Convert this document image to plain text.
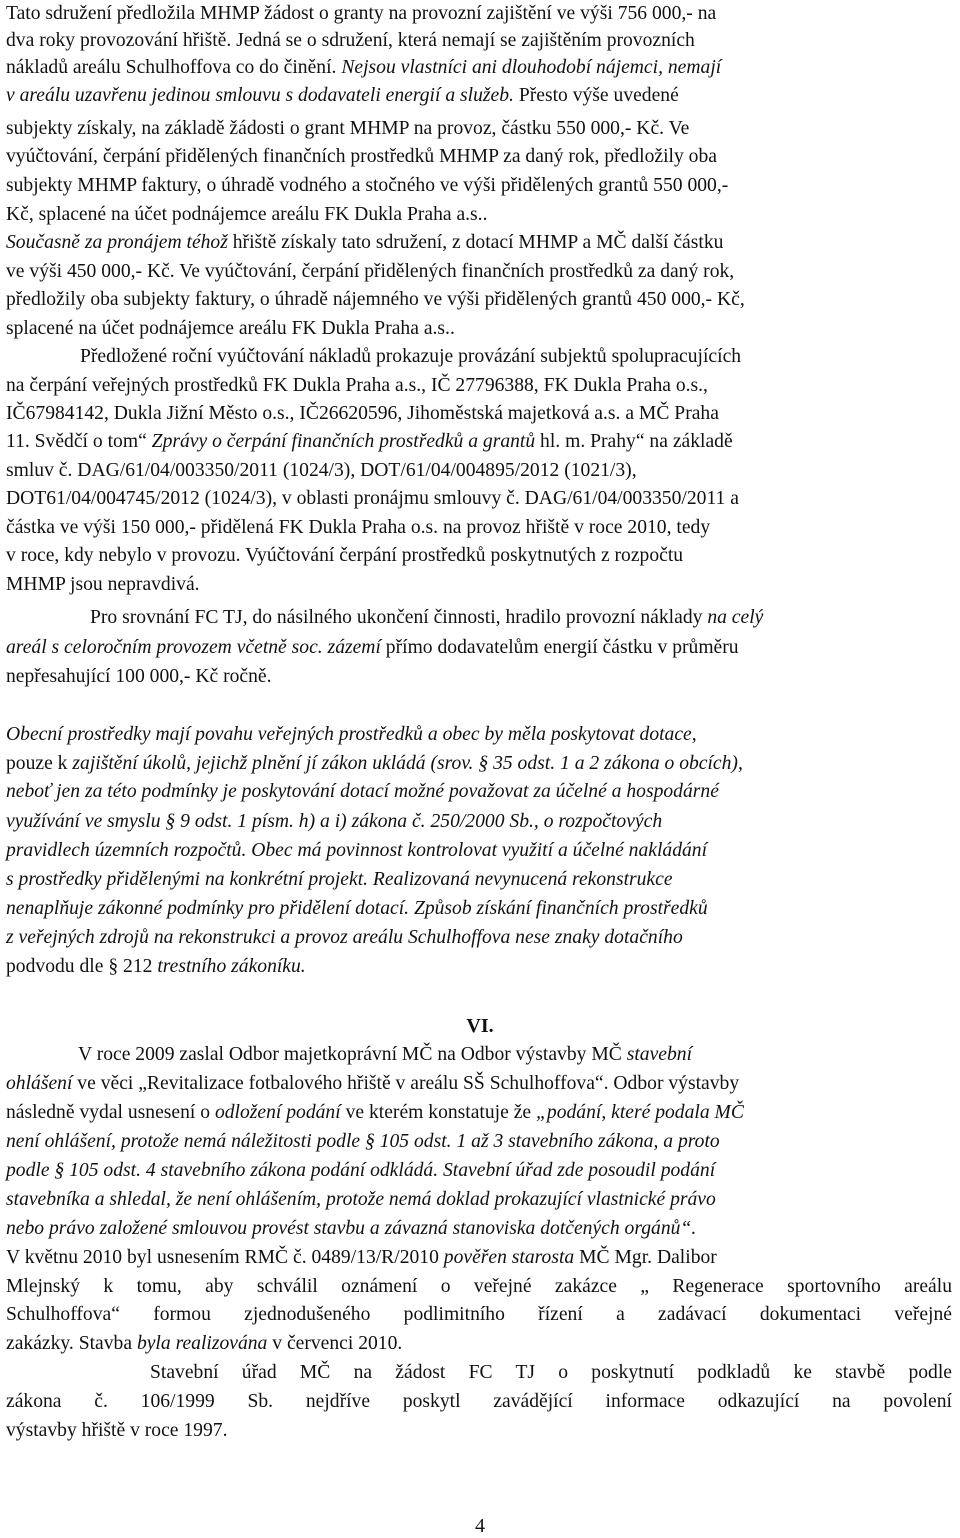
Tato sdružení předložila MHMP žádost o granty na provozní zajištění ve výši 756 000,- na
dva roky provozování hřiště. Jedná se o sdružení, která nemají se zajištěním provozních
nákladů areálu Schulhoffova co do činění. Nejsou vlastníci ani dlouhodobí nájemci, nemají
v areálu uzavřenu jedinou smlouvu s dodavateli energií a služeb. Přesto výše uvedené
subjekty získaly, na základě žádosti o grant MHMP na provoz, částku 550 000,- Kč. Ve
vyúčtování, čerpání přidělených finančních prostředků MHMP za daný rok, předložily oba
subjekty MHMP faktury, o úhradě vodného a stočného ve výši přidělených grantů 550 000,-
Kč, splacené na účet podnájemce areálu FK Dukla Praha a.s..
Současně za pronájem téhož hřiště získaly tato sdružení, z dotací MHMP a MČ další částku
ve výši 450 000,- Kč. Ve vyúčtování, čerpání přidělených finančních prostředků za daný rok,
předložily oba subjekty faktury, o úhradě nájemného ve výši přidělených grantů 450 000,- Kč,
splacené na účet podnájemce areálu FK Dukla Praha a.s..
Předložené roční vyúčtování nákladů prokazuje provázání subjektů spolupracujících
na čerpání veřejných prostředků FK Dukla Praha a.s., IČ 27796388, FK Dukla Praha o.s.,
IČ67984142, Dukla Jižní Město o.s., IČ26620596, Jihoměstská majetková a.s. a MČ Praha
11. Svědčí o tom“ Zprávy o čerpání finančních prostředků a grantů hl. m. Prahy“ na základě
smluv č. DAG/61/04/003350/2011 (1024/3), DOT/61/04/004895/2012 (1021/3),
DOT61/04/004745/2012 (1024/3), v oblasti pronájmu smlouvy č. DAG/61/04/003350/2011 a
částka ve výši 150 000,- přidělená FK Dukla Praha o.s. na provoz hřiště v roce 2010, tedy
v roce, kdy nebylo v provozu. Vyúčtování čerpání prostředků poskytnutých z rozpočtu
MHMP jsou nepravdivá.
Pro srovnání FC TJ, do násilného ukončení činnosti, hradilo provozní náklady na celý
areál s celoročním provozem včetně soc. zázemí přímo dodavatelům energií částku v průměru
nepřesahující 100 000,- Kč ročně.
Obecní prostředky mají povahu veřejných prostředků a obec by měla poskytovat dotace,
pouze k zajištění úkolů, jejichž plnění jí zákon ukládá (srov. § 35 odst. 1 a 2 zákona o obcích),
neboť jen za této podmínky je poskytování dotací možné považovat za účelné a hospodárné
využívání ve smyslu § 9 odst. 1 písm. h) a i) zákona č. 250/2000 Sb., o rozpočtových
pravidlech územních rozpočtů. Obec má povinnost kontrolovat využití a účelné nakládání
s prostředky přidělenými na konkrétní projekt. Realizovaná nevynucená rekonstrukce
nenaplňuje zákonné podmínky pro přidělení dotací. Způsob získání finančních prostředků
z veřejných zdrojů na rekonstrukci a provoz areálu Schulhoffova nese znaky dotačního
podvodu dle § 212 trestního zákoníku.
VI.
V roce 2009 zaslal Odbor majetkoprávní MČ na Odbor výstavby MČ stavební
ohlášení ve věci „Revitalizace fotbalového hřiště v areálu SŠ Schulhoffova“. Odbor výstavby
následně vydal usnesení o odložení podání ve kterém konstatuje že „podání, které podala MČ
není ohlášení, protože nemá náležitosti podle § 105 odst. 1 až 3 stavebního zákona, a proto
podle § 105 odst. 4 stavebního zákona podání odkládá. Stavební úřad zde posoudil podání
stavebníka a shledal, že není ohlášením, protože nemá doklad prokazující vlastnické právo
nebo právo založené smlouvou provést stavbu a závazná stanoviska dotčených orgánů“.
V květnu 2010 byl usnesením RMČ č. 0489/13/R/2010 pověřen starosta MČ Mgr. Dalibor
Mlejnský k tomu, aby schválil oznámení o veřejné zakázce „ Regenerace sportovního areálu
Schulhoffova“ formou zjednodušeného podlimitního řízení a zadávací dokumentaci veřejné
zakázky. Stavba byla realizována v červenci 2010.
Stavební úřad MČ na žádost FC TJ o poskytnutí podkladů ke stavbě podle
zákona č. 106/1999 Sb. nejdříve poskytl zavádějící informace odkazující na povolení
výstavby hřiště v roce 1997.
4
